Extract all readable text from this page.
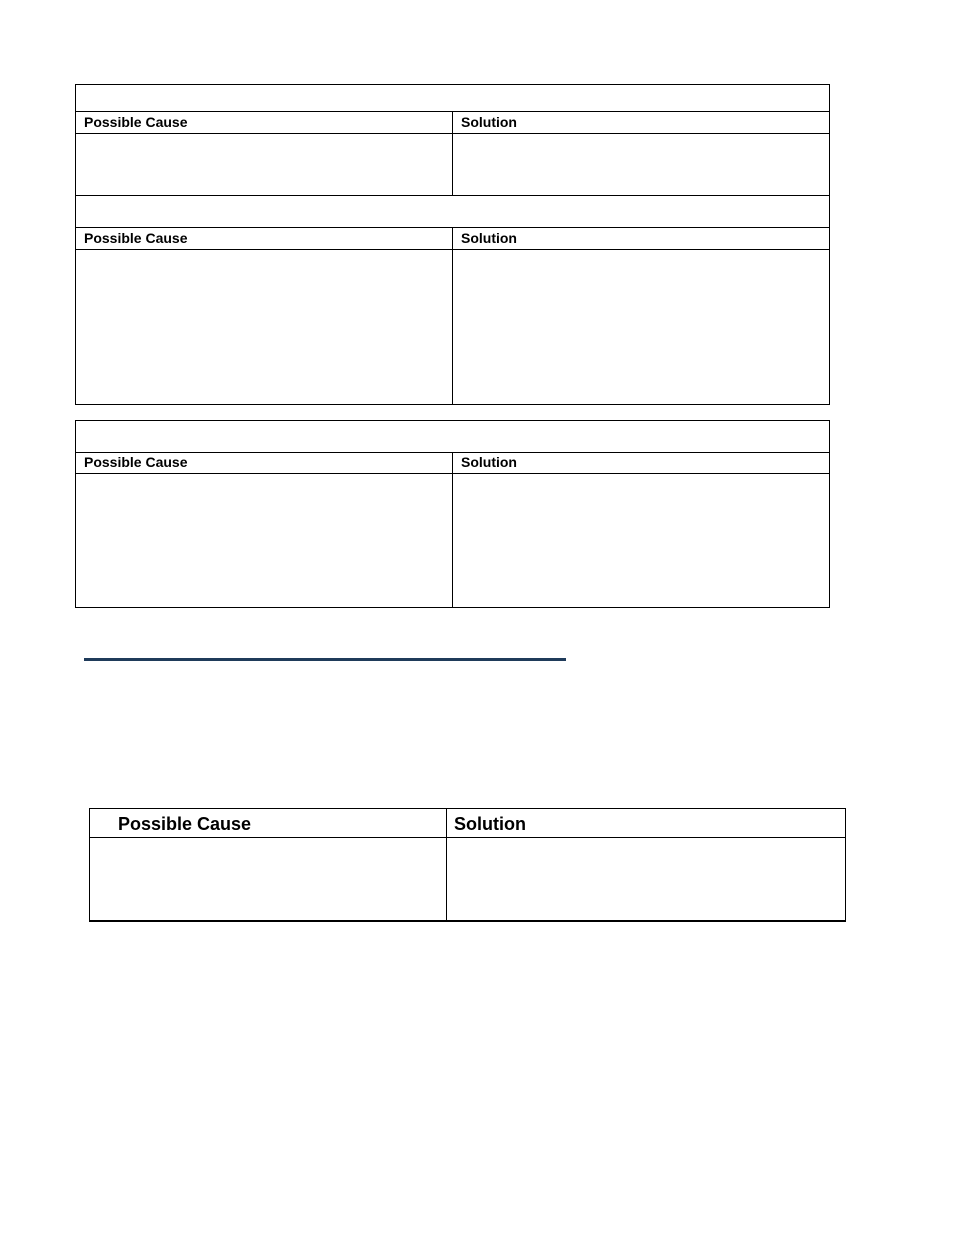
Possible Cause	Solution
Possible Cause	Solution
Possible Cause	Solution
Possible Cause	Solution
